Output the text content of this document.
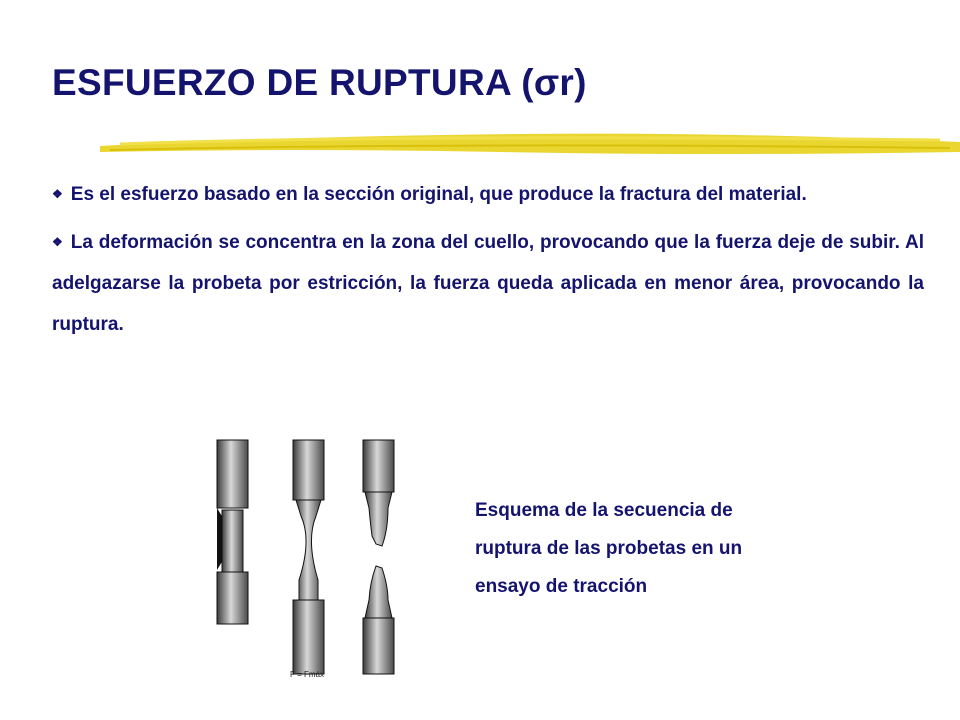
ESFUERZO DE RUPTURA (σr)

❖ Es el esfuerzo basado en la sección original, que produce la fractura del material.

❖ La deformación se concentra en la zona del cuello, provocando que la fuerza deje de subir. Al adelgazarse la probeta por estricción, la fuerza queda aplicada en menor área, provocando la ruptura.

F = Fmáx
Esquema de la secuencia de
ruptura de las probetas en un
ensayo de tracción
